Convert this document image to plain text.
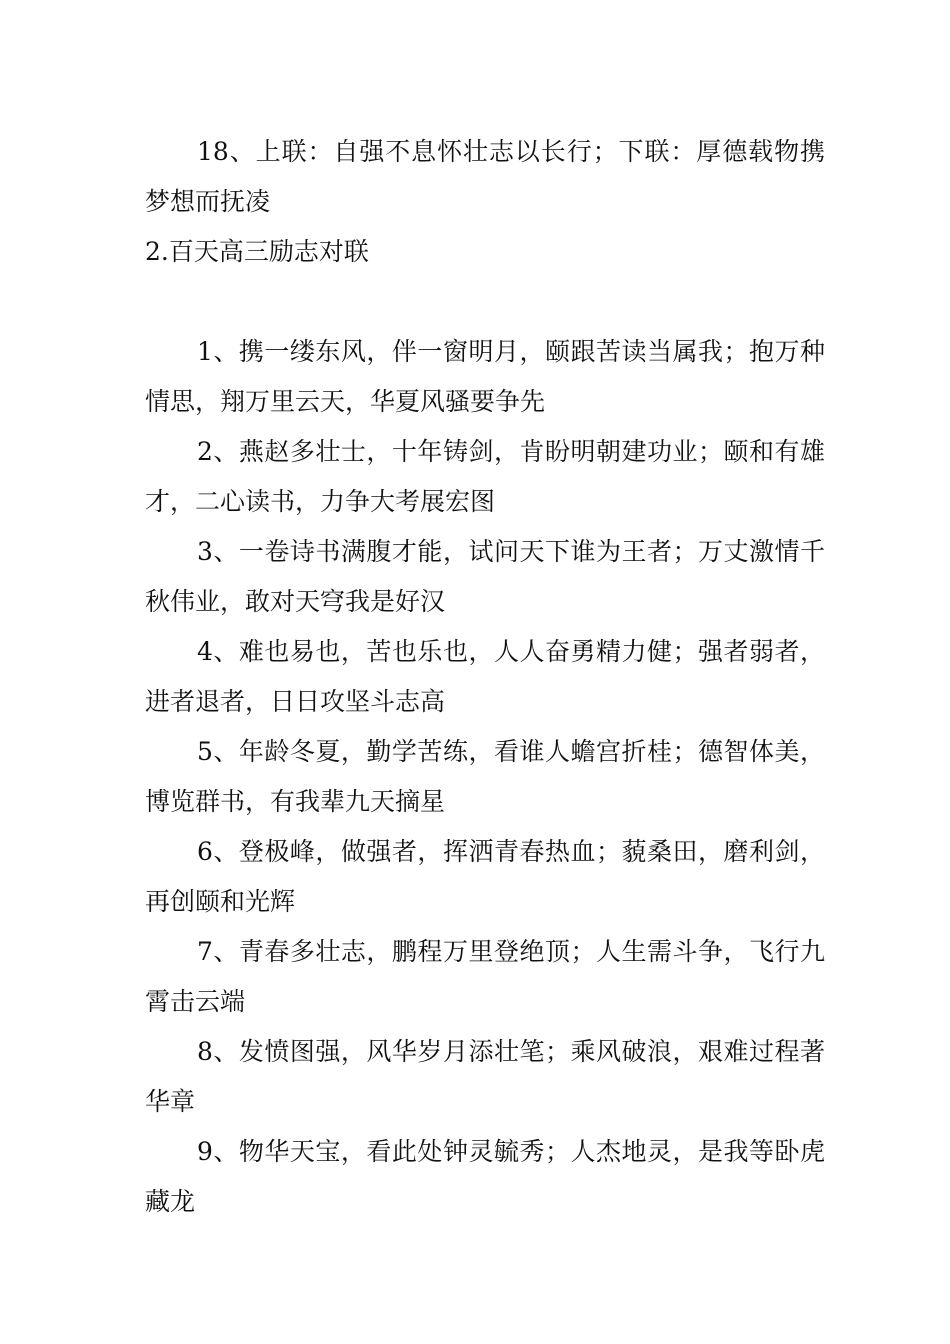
18、上联：自强不息怀壮志以长行；下联：厚德载物携梦想而抚凌

2.百天高三励志对联

1、携一缕东风，伴一窗明月，颐跟苦读当属我；抱万种情思，翔万里云天，华夏风骚要争先

2、燕赵多壮士，十年铸剑，肯盼明朝建功业；颐和有雄才，二心读书，力争大考展宏图

3、一卷诗书满腹才能，试问天下谁为王者；万丈激情千秋伟业，敢对天穹我是好汉

4、难也易也，苦也乐也，人人奋勇精力健；强者弱者，进者退者，日日攻坚斗志高

5、年龄冬夏，勤学苦练，看谁人蟾宫折桂；德智体美，博览群书，有我辈九天摘星

6、登极峰，做强者，挥洒青春热血；藐桑田，磨利剑，再创颐和光辉

7、青春多壮志，鹏程万里登绝顶；人生需斗争，飞行九霄击云端

8、发愤图强，风华岁月添壮笔；乘风破浪，艰难过程著华章

9、物华天宝，看此处钟灵毓秀；人杰地灵，是我等卧虎藏龙
